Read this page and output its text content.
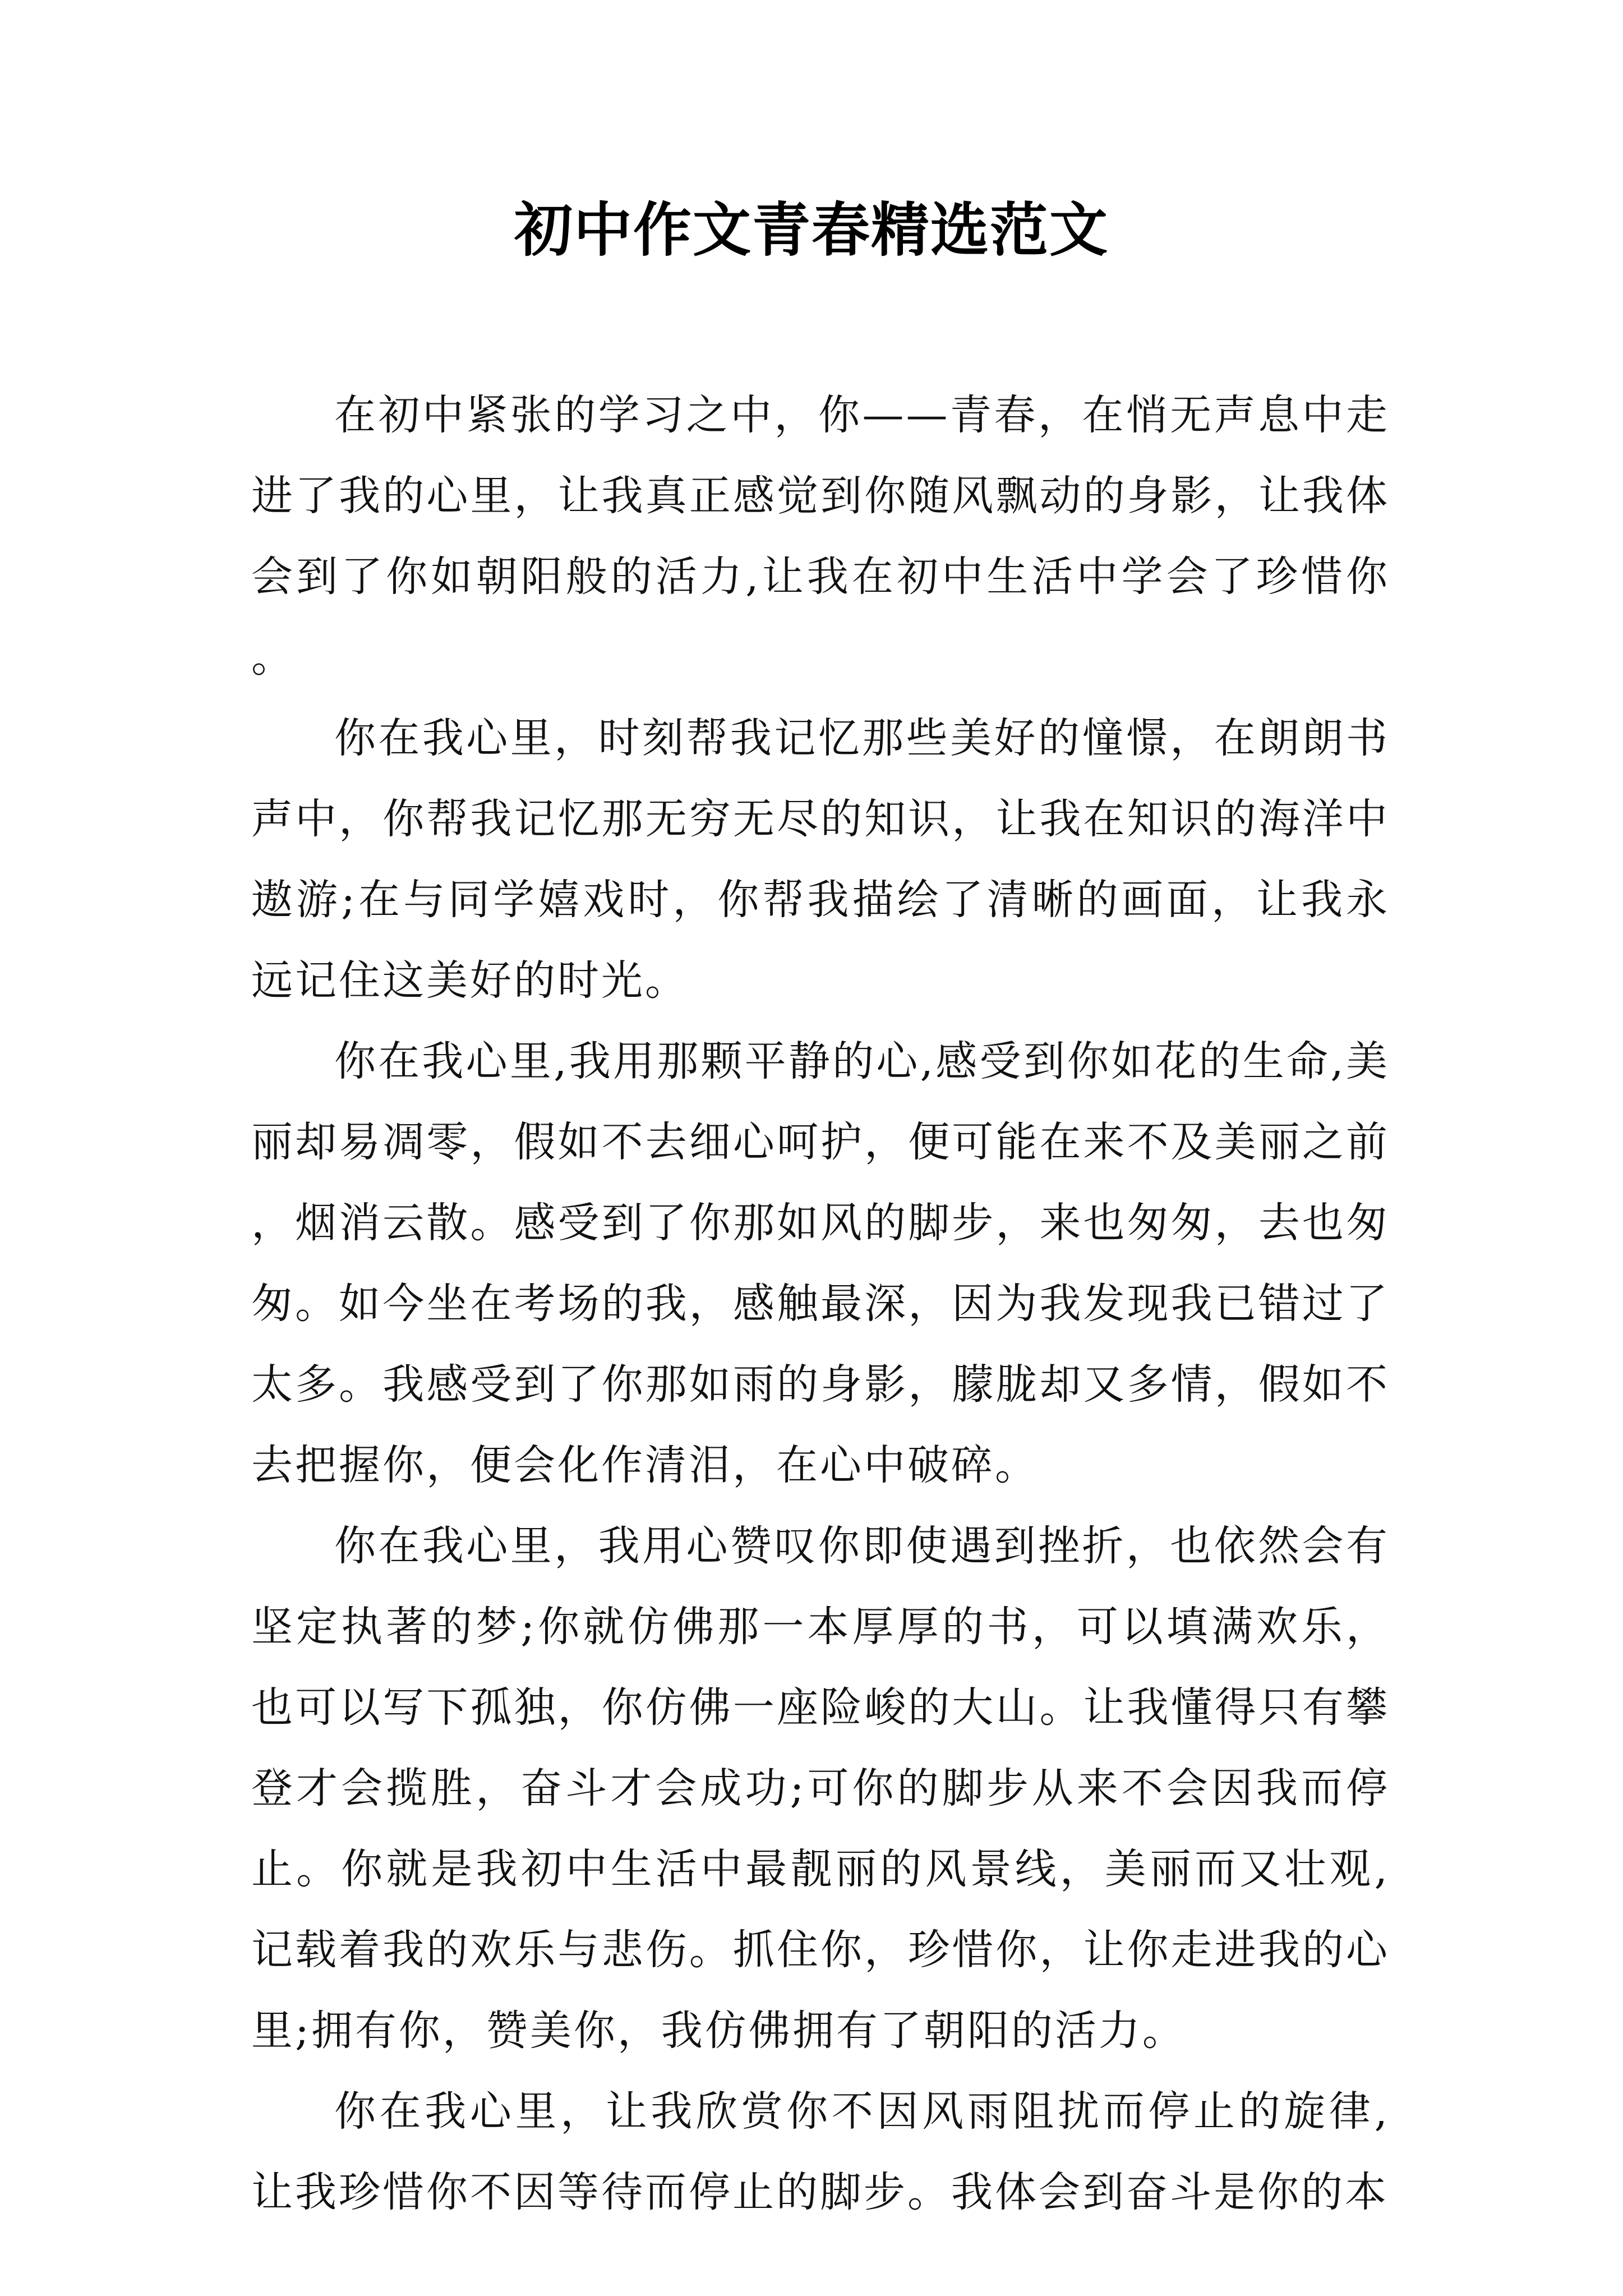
初中作文青春精选范文

在初中紧张的学习之中，你——青春，在悄无声息中走进了我的心里，让我真正感觉到你随风飘动的身影，让我体会到了你如朝阳般的活力,让我在初中生活中学会了珍惜你。

你在我心里，时刻帮我记忆那些美好的憧憬，在朗朗书声中，你帮我记忆那无穷无尽的知识，让我在知识的海洋中遨游;在与同学嬉戏时，你帮我描绘了清晰的画面，让我永远记住这美好的时光。

你在我心里,我用那颗平静的心,感受到你如花的生命,美丽却易凋零，假如不去细心呵护，便可能在来不及美丽之前，烟消云散。感受到了你那如风的脚步，来也匆匆，去也匆匆。如今坐在考场的我，感触最深，因为我发现我已错过了太多。我感受到了你那如雨的身影，朦胧却又多情，假如不去把握你，便会化作清泪，在心中破碎。

你在我心里，我用心赞叹你即使遇到挫折，也依然会有坚定执著的梦;你就仿佛那一本厚厚的书，可以填满欢乐，也可以写下孤独，你仿佛一座险峻的大山。让我懂得只有攀登才会揽胜，奋斗才会成功;可你的脚步从来不会因我而停止。你就是我初中生活中最靓丽的风景线，美丽而又壮观,记载着我的欢乐与悲伤。抓住你，珍惜你，让你走进我的心里;拥有你，赞美你，我仿佛拥有了朝阳的活力。

你在我心里，让我欣赏你不因风雨阻扰而停止的旋律,让我珍惜你不因等待而停止的脚步。我体会到奋斗是你的本
